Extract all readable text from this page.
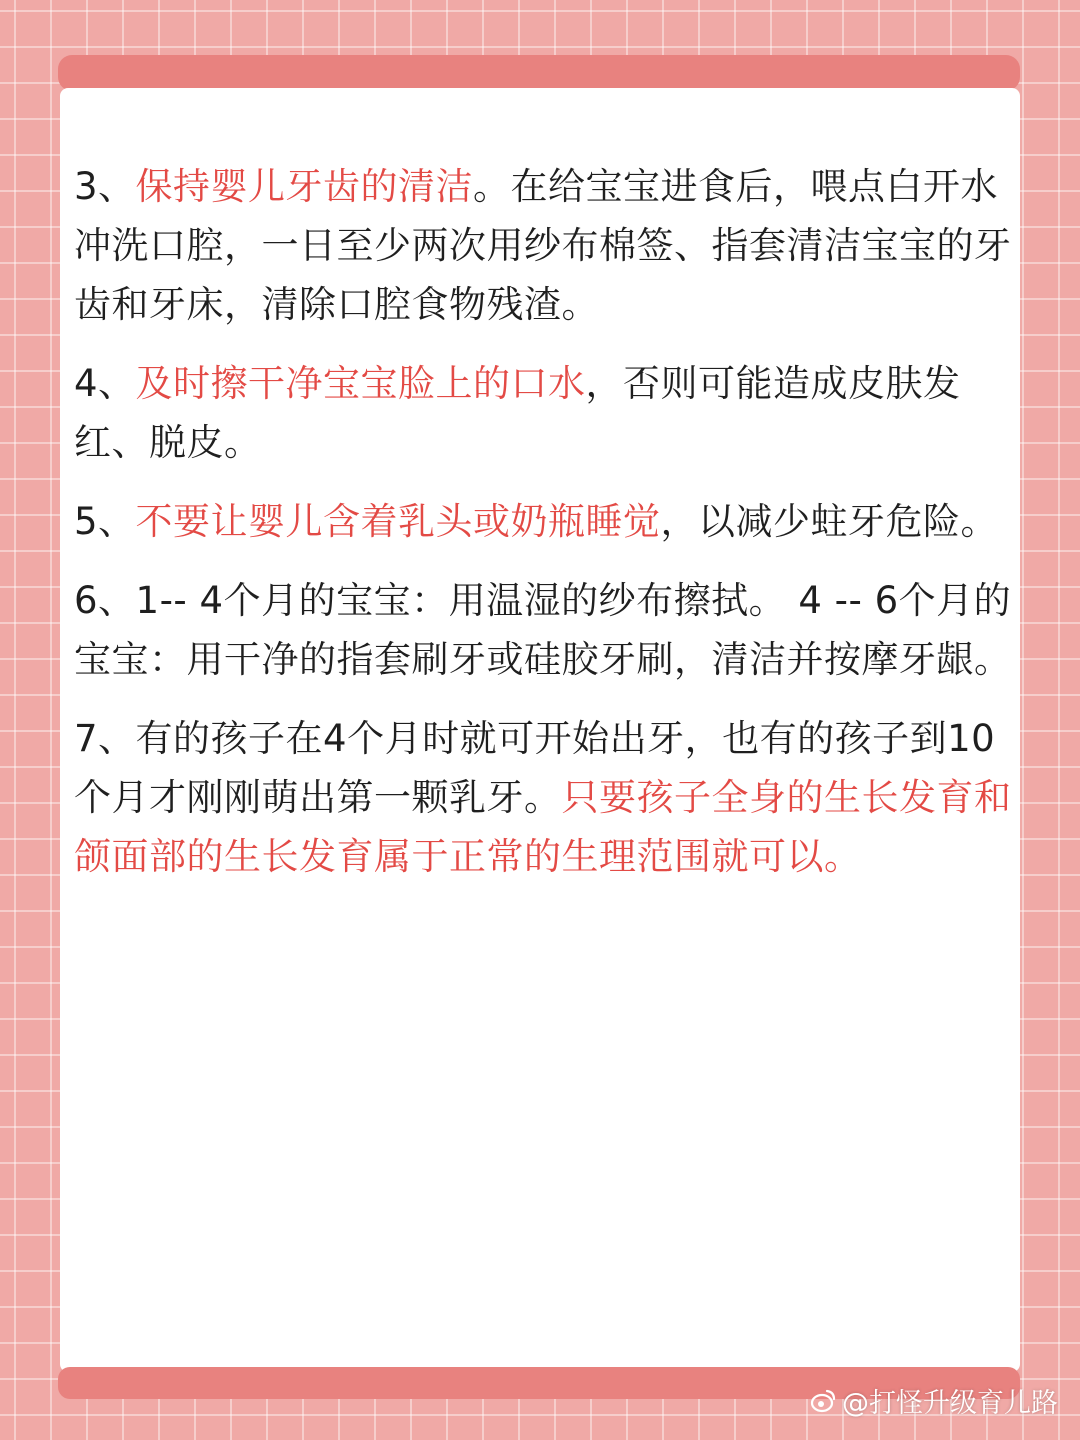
3、保持婴儿牙齿的清洁。在给宝宝进食后，喂点白开水冲洗口腔，一日至少两次用纱布棉签、指套清洁宝宝的牙齿和牙床，清除口腔食物残渣。

4、及时擦干净宝宝脸上的口水，否则可能造成皮肤发红、脱皮。

5、不要让婴儿含着乳头或奶瓶睡觉，以减少蛀牙危险。

6、1-- 4个月的宝宝：用温湿的纱布擦拭。 4 -- 6个月的宝宝：用干净的指套刷牙或硅胶牙刷，清洁并按摩牙龈。

7、有的孩子在4个月时就可开始出牙，也有的孩子到10个月才刚刚萌出第一颗乳牙。只要孩子全身的生长发育和颌面部的生长发育属于正常的生理范围就可以。

@打怪升级育儿路
